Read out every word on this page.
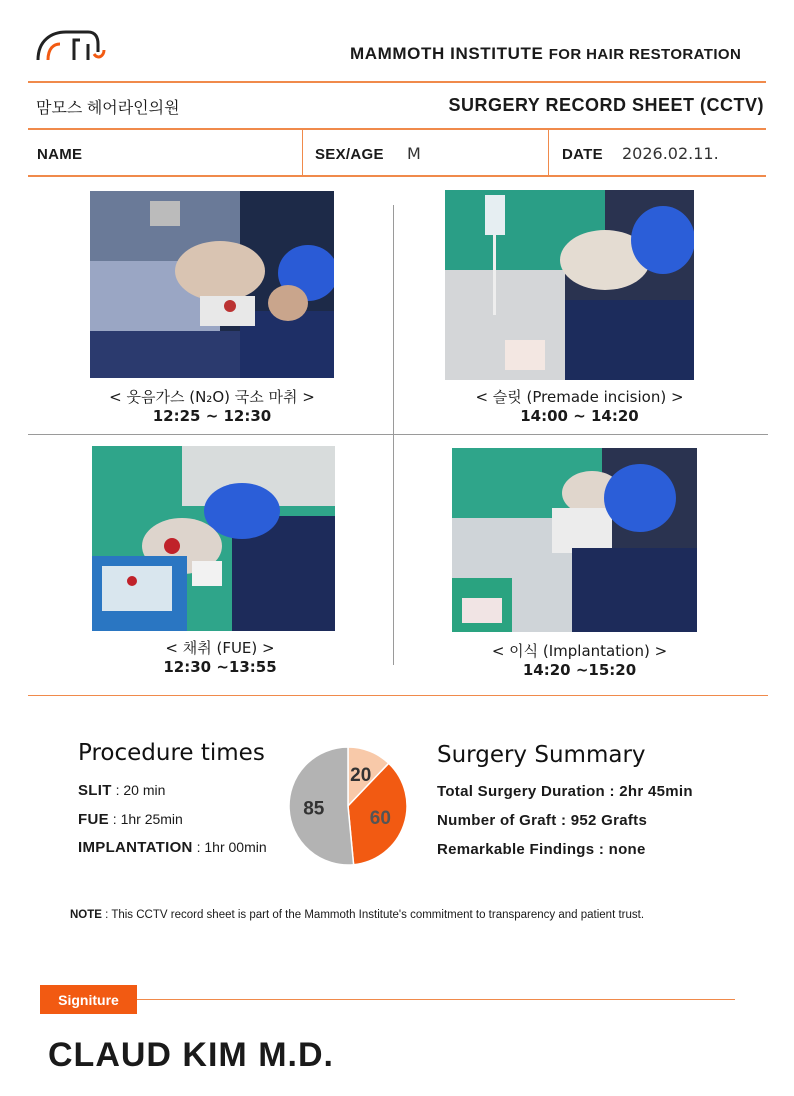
MAMMOTH INSTITUTE FOR HAIR RESTORATION
맘모스 헤어라인의원	SURGERY RECORD SHEET (CCTV)
NAME	SEX/AGE M	DATE 2026.02.11.
< 웃음가스 (N₂O) 국소 마취 >
12:25 ~ 12:30
< 슬릿 (Premade incision) >
14:00 ~ 14:20
< 채취 (FUE) >
12:30 ~13:55
< 이식 (Implantation) >
14:20 ~15:20
Procedure times
SLIT : 20 min
FUE : 1hr 25min
IMPLANTATION : 1hr 00min
20
60
85
Surgery Summary
Total Surgery Duration : 2hr 45min
Number of Graft : 952 Grafts
Remarkable Findings : none
NOTE : This CCTV record sheet is part of the Mammoth Institute's commitment to transparency and patient trust.
Signiture
CLAUD KIM M.D.
